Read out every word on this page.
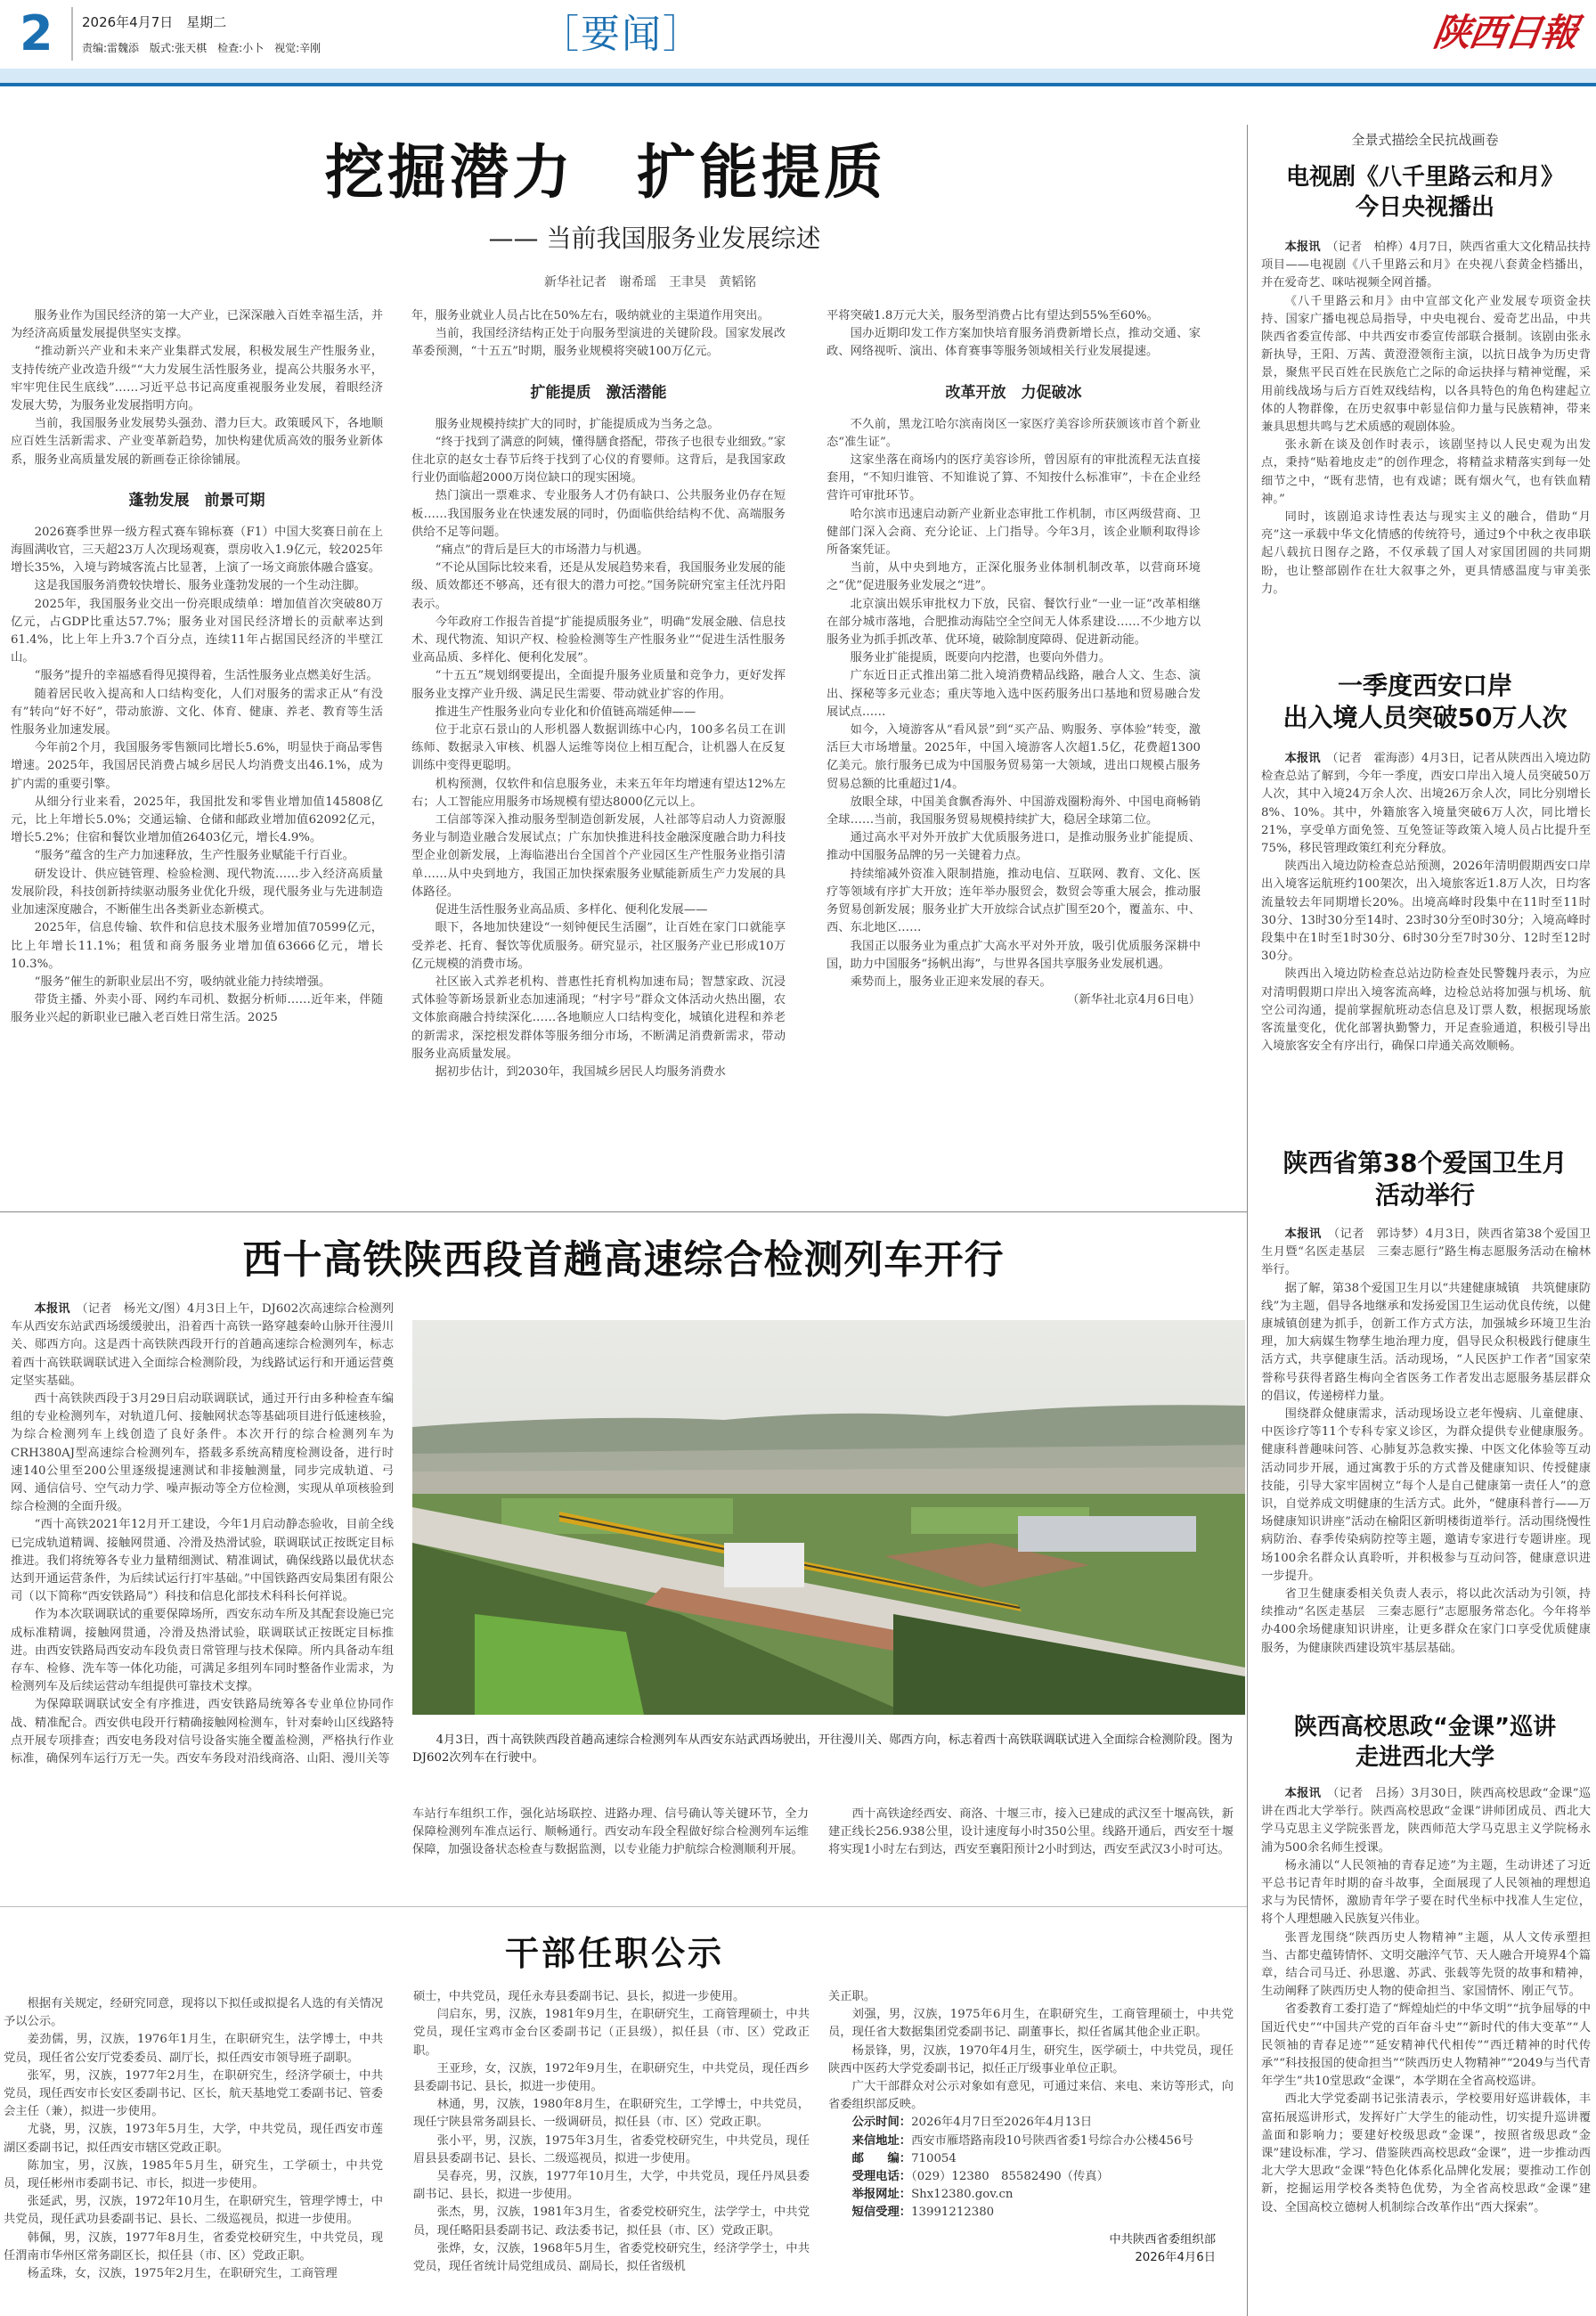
2 2026年4月7日　星期二
责编:雷魏添　版式:张天棋　检查:小卜　视觉:辛刚	［要闻］	陕西日報
挖掘潜力　扩能提质
—— 当前我国服务业发展综述
新华社记者　谢希瑶　王聿昊　黄韬铭

服务业作为国民经济的第一大产业，已深深融入百姓幸福生活，并为经济高质量发展提供坚实支撑。

“推动新兴产业和未来产业集群式发展，积极发展生产性服务业，支持传统产业改造升级”“大力发展生活性服务业，提高公共服务水平，牢牢兜住民生底线”……习近平总书记高度重视服务业发展，着眼经济发展大势，为服务业发展指明方向。

当前，我国服务业发展势头强劲、潜力巨大。政策暖风下，各地顺应百姓生活新需求、产业变革新趋势，加快构建优质高效的服务业新体系，服务业高质量发展的新画卷正徐徐铺展。

蓬勃发展　前景可期

2026赛季世界一级方程式赛车锦标赛（F1）中国大奖赛日前在上海圆满收官，三天超23万人次现场观赛，票房收入1.9亿元，较2025年增长35%，入境与跨城客流占比显著，上演了一场文商旅体融合盛宴。

这是我国服务消费较快增长、服务业蓬勃发展的一个生动注脚。

2025年，我国服务业交出一份亮眼成绩单：增加值首次突破80万亿元，占GDP比重达57.7%；服务业对国民经济增长的贡献率达到61.4%，比上年上升3.7个百分点，连续11年占据国民经济的半壁江山。

“服务”提升的幸福感看得见摸得着，生活性服务业点燃美好生活。

随着居民收入提高和人口结构变化，人们对服务的需求正从“有没有”转向“好不好”，带动旅游、文化、体育、健康、养老、教育等生活性服务业加速发展。

今年前2个月，我国服务零售额同比增长5.6%，明显快于商品零售增速。2025年，我国居民消费占城乡居民人均消费支出46.1%，成为扩内需的重要引擎。

从细分行业来看，2025年，我国批发和零售业增加值145808亿元，比上年增长5.0%；交通运输、仓储和邮政业增加值62092亿元，增长5.2%；住宿和餐饮业增加值26403亿元，增长4.9%。

“服务”蕴含的生产力加速释放，生产性服务业赋能千行百业。

研发设计、供应链管理、检验检测、现代物流……步入经济高质量发展阶段，科技创新持续驱动服务业优化升级，现代服务业与先进制造业加速深度融合，不断催生出各类新业态新模式。

2025年，信息传输、软件和信息技术服务业增加值70599亿元，比上年增长11.1%；租赁和商务服务业增加值63666亿元，增长10.3%。

“服务”催生的新职业层出不穷，吸纳就业能力持续增强。

带货主播、外卖小哥、网约车司机、数据分析师……近年来，伴随服务业兴起的新职业已融入老百姓日常生活。2025

年，服务业就业人员占比在50%左右，吸纳就业的主渠道作用突出。

当前，我国经济结构正处于向服务型演进的关键阶段。国家发展改革委预测，“十五五”时期，服务业规模将突破100万亿元。

扩能提质　激活潜能

服务业规模持续扩大的同时，扩能提质成为当务之急。

“终于找到了满意的阿姨，懂得膳食搭配，带孩子也很专业细致。”家住北京的赵女士春节后终于找到了心仪的育婴师。这背后，是我国家政行业仍面临超2000万岗位缺口的现实困境。

热门演出一票难求、专业服务人才仍有缺口、公共服务业仍存在短板……我国服务业在快速发展的同时，仍面临供给结构不优、高端服务供给不足等问题。

“痛点”的背后是巨大的市场潜力与机遇。

“不论从国际比较来看，还是从发展趋势来看，我国服务业发展的能级、质效都还不够高，还有很大的潜力可挖。”国务院研究室主任沈丹阳表示。

今年政府工作报告首提“扩能提质服务业”，明确“发展金融、信息技术、现代物流、知识产权、检验检测等生产性服务业”“促进生活性服务业高品质、多样化、便利化发展”。

“十五五”规划纲要提出，全面提升服务业质量和竞争力，更好发挥服务业支撑产业升级、满足民生需要、带动就业扩容的作用。

推进生产性服务业向专业化和价值链高端延伸——

位于北京石景山的人形机器人数据训练中心内，100多名员工在训练师、数据录入审核、机器人运维等岗位上相互配合，让机器人在反复训练中变得更聪明。

机构预测，仅软件和信息服务业，未来五年年均增速有望达12%左右；人工智能应用服务市场规模有望达8000亿元以上。

工信部等深入推动服务型制造创新发展，人社部等启动人力资源服务业与制造业融合发展试点；广东加快推进科技金融深度融合助力科技型企业创新发展，上海临港出台全国首个产业园区生产性服务业指引清单……从中央到地方，我国正加快探索服务业赋能新质生产力发展的具体路径。

促进生活性服务业高品质、多样化、便利化发展——

眼下，各地加快建设“一刻钟便民生活圈”，让百姓在家门口就能享受养老、托育、餐饮等优质服务。研究显示，社区服务产业已形成10万亿元规模的消费市场。

社区嵌入式养老机构、普惠性托育机构加速布局；智慧家政、沉浸式体验等新场景新业态加速涌现；“村字号”群众文体活动火热出圈，农文体旅商融合持续深化……各地顺应人口结构变化，城镇化进程和养老的新需求，深挖根发群体等服务细分市场，不断满足消费新需求，带动服务业高质量发展。

据初步估计，到2030年，我国城乡居民人均服务消费水

平将突破1.8万元大关，服务型消费占比有望达到55%至60%。

国办近期印发工作方案加快培育服务消费新增长点，推动交通、家政、网络视听、演出、体育赛事等服务领域相关行业发展提速。

改革开放　力促破冰

不久前，黑龙江哈尔滨南岗区一家医疗美容诊所获颁该市首个新业态“准生证”。

这家坐落在商场内的医疗美容诊所，曾因原有的审批流程无法直接套用，“不知归谁管、不知谁说了算、不知按什么标准审”，卡在企业经营许可审批环节。

哈尔滨市迅速启动新产业新业态审批工作机制，市区两级营商、卫健部门深入会商、充分论证、上门指导。今年3月，该企业顺利取得诊所备案凭证。

当前，从中央到地方，正深化服务业体制机制改革，以营商环境之“优”促进服务业发展之“进”。

北京演出娱乐审批权力下放，民宿、餐饮行业“一业一证”改革相继在部分城市落地，合肥推动海陆空全空间无人体系建设……不少地方以服务业为抓手抓改革、优环境，破除制度障碍、促进新动能。

服务业扩能提质，既要向内挖潜，也要向外借力。

广东近日正式推出第二批入境消费精品线路，融合人文、生态、演出、探秘等多元业态；重庆等地入选中医药服务出口基地和贸易融合发展试点……

如今，入境游客从“看风景”到“买产品、购服务、享体验”转变，激活巨大市场增量。2025年，中国入境游客人次超1.5亿，花费超1300亿美元。旅行服务已成为中国服务贸易第一大领域，进出口规模占服务贸易总额的比重超过1/4。

放眼全球，中国美食飘香海外、中国游戏圈粉海外、中国电商畅销全球……当前，我国服务贸易规模持续扩大，稳居全球第二位。

通过高水平对外开放扩大优质服务进口，是推动服务业扩能提质、推动中国服务品牌的另一关键着力点。

持续缩减外资准入限制措施，推动电信、互联网、教育、文化、医疗等领域有序扩大开放；连年举办服贸会，数贸会等重大展会，推动服务贸易创新发展；服务业扩大开放综合试点扩围至20个，覆盖东、中、西、东北地区……

我国正以服务业为重点扩大高水平对外开放，吸引优质服务深耕中国，助力中国服务“扬帆出海”，与世界各国共享服务业发展机遇。

乘势而上，服务业正迎来发展的春天。

（新华社北京4月6日电）

全景式描绘全民抗战画卷
电视剧《八千里路云和月》
今日央视播出

本报讯　（记者　柏桦）4月7日，陕西省重大文化精品扶持项目——电视剧《八千里路云和月》在央视八套黄金档播出，并在爱奇艺、咪咕视频全网首播。

《八千里路云和月》由中宣部文化产业发展专项资金扶持、国家广播电视总局指导，中央电视台、爱奇艺出品，中共陕西省委宣传部、中共西安市委宣传部联合摄制。该剧由张永新执导，王阳、万茜、黄澄澄领衔主演，以抗日战争为历史背景，聚焦平民百姓在民族危亡之际的命运抉择与精神觉醒，采用前线战场与后方百姓双线结构，以各具特色的角色构建起立体的人物群像，在历史叙事中彰显信仰力量与民族精神，带来兼具思想共鸣与艺术质感的观剧体验。

张永新在谈及创作时表示，该剧坚持以人民史观为出发点，秉持“贴着地皮走”的创作理念，将精益求精落实到每一处细节之中，“既有悲情，也有戏谑；既有烟火气，也有铁血精神。”

同时，该剧追求诗性表达与现实主义的融合，借助“月亮”这一承载中华文化情感的传统符号，通过9个中秋之夜串联起八载抗日图存之路，不仅承载了国人对家国团圆的共同期盼，也让整部剧作在壮大叙事之外，更具情感温度与审美张力。

一季度西安口岸
出入境人员突破50万人次

本报讯　（记者　霍海澎）4月3日，记者从陕西出入境边防检查总站了解到，今年一季度，西安口岸出入境人员突破50万人次，其中入境24万余人次、出境26万余人次，同比分别增长8%、10%。其中，外籍旅客入境量突破6万人次，同比增长21%，享受单方面免签、互免签证等政策入境人员占比提升至75%，移民管理政策红利充分释放。

陕西出入境边防检查总站预测，2026年清明假期西安口岸出入境客运航班约100架次，出入境旅客近1.8万人次，日均客流量较去年同期增长20%。出境高峰时段集中在11时至11时30分、13时30分至14时、23时30分至0时30分；入境高峰时段集中在1时至1时30分、6时30分至7时30分、12时至12时30分。

陕西出入境边防检查总站边防检查处民警魏丹表示，为应对清明假期口岸出入境客流高峰，边检总站将加强与机场、航空公司沟通，提前掌握航班动态信息及订票人数，根据现场旅客流量变化，优化部署执勤警力，开足查验通道，积极引导出入境旅客安全有序出行，确保口岸通关高效顺畅。

陕西省第38个爱国卫生月
活动举行

本报讯　（记者　郭诗梦）4月3日，陕西省第38个爱国卫生月暨“名医走基层　三秦志愿行”路生梅志愿服务活动在榆林举行。

据了解，第38个爱国卫生月以“共建健康城镇　共筑健康防线”为主题，倡导各地继承和发扬爱国卫生运动优良传统，以健康城镇创建为抓手，创新工作方式方法，加强城乡环境卫生治理，加大病媒生物孳生地治理力度，倡导民众积极践行健康生活方式，共享健康生活。活动现场，“人民医护工作者”国家荣誉称号获得者路生梅向全省医务工作者发出志愿服务基层群众的倡议，传递榜样力量。

围绕群众健康需求，活动现场设立老年慢病、儿童健康、中医诊疗等11个专科专家义诊区，为群众提供专业健康服务。健康科普趣味问答、心肺复苏急救实操、中医文化体验等互动活动同步开展，通过寓教于乐的方式普及健康知识、传授健康技能，引导大家牢固树立“每个人是自己健康第一责任人”的意识，自觉养成文明健康的生活方式。此外，“健康科普行——万场健康知识讲座”活动在榆阳区新明楼街道举行。活动围绕慢性病防治、春季传染病防控等主题，邀请专家进行专题讲座。现场100余名群众认真聆听，并积极参与互动问答，健康意识进一步提升。

省卫生健康委相关负责人表示，将以此次活动为引领，持续推动“名医走基层　三秦志愿行”志愿服务常态化。今年将举办400余场健康知识讲座，让更多群众在家门口享受优质健康服务，为健康陕西建设筑牢基层基础。

陕西高校思政“金课”巡讲
走进西北大学

本报讯　（记者　吕扬）3月30日，陕西高校思政“金课”巡讲在西北大学举行。陕西高校思政“金课”讲师团成员、西北大学马克思主义学院张晋龙，陕西师范大学马克思主义学院杨永浦为500余名师生授课。

杨永浦以“人民领袖的青春足迹”为主题，生动讲述了习近平总书记青年时期的奋斗故事，全面展现了人民领袖的理想追求与为民情怀，激励青年学子要在时代坐标中找准人生定位，将个人理想融入民族复兴伟业。

张晋龙围绕“陕西历史人物精神”主题，从人文传承塑担当、古都史蕴铸情怀、文明交融淬气节、天人融合开境界4个篇章，结合司马迁、孙思邈、苏武、张载等先贤的故事和精神，生动阐释了陕西历史人物的使命担当、家国情怀、刚正气节。

省委教育工委打造了“辉煌灿烂的中华文明”“抗争屈辱的中国近代史”“中国共产党的百年奋斗史”“新时代的伟大变革”“人民领袖的青春足迹”“延安精神代代相传”“西迁精神的时代传承”“科技报国的使命担当”“陕西历史人物精神”“2049与当代青年学生”共10堂思政“金课”，本学期在全省高校巡讲。

西北大学党委副书记张清表示，学校要用好巡讲载体，丰富拓展巡讲形式，发挥好广大学生的能动性，切实提升巡讲覆盖面和影响力；要建好校级思政“金课”，按照省级思政“金课”建设标准，学习、借鉴陕西高校思政“金课”，进一步推动西北大学大思政“金课”特色化体系化品牌化发展；要推动工作创新，挖掘运用学校各类特色优势，为全省高校思政“金课”建设、全国高校立德树人机制综合改革作出“西大探索”。

西十高铁陕西段首趟高速综合检测列车开行

本报讯　（记者　杨光文/图）4月3日上午，DJ602次高速综合检测列车从西安东站武西场缓缓驶出，沿着西十高铁一路穿越秦岭山脉开往漫川关、郧西方向。这是西十高铁陕西段开行的首趟高速综合检测列车，标志着西十高铁联调联试进入全面综合检测阶段，为线路试运行和开通运营奠定坚实基础。

西十高铁陕西段于3月29日启动联调联试，通过开行由多种检查车编组的专业检测列车，对轨道几何、接触网状态等基础项目进行低速核验，为综合检测列车上线创造了良好条件。本次开行的综合检测列车为CRH380AJ型高速综合检测列车，搭载多系统高精度检测设备，进行时速140公里至200公里逐级提速测试和非接触测量，同步完成轨道、弓网、通信信号、空气动力学、噪声振动等全方位检测，实现从单项核验到综合检测的全面升级。

“西十高铁2021年12月开工建设，今年1月启动静态验收，目前全线已完成轨道精调、接触网贯通、冷滑及热滑试验，联调联试正按既定目标推进。我们将统筹各专业力量精细测试、精准调试，确保线路以最优状态达到开通运营条件，为后续试运行打牢基础。”中国铁路西安局集团有限公司（以下简称“西安铁路局”）科技和信息化部技术科科长何祥说。

作为本次联调联试的重要保障场所，西安东动车所及其配套设施已完成标准精调，接触网贯通，冷滑及热滑试验，联调联试正按既定目标推进。由西安铁路局西安动车段负责日常管理与技术保障。所内具备动车组存车、检修、洗车等一体化功能，可满足多组列车同时整备作业需求，为检测列车及后续运营动车组提供可靠技术支撑。

为保障联调联试安全有序推进，西安铁路局统筹各专业单位协同作战、精准配合。西安供电段开行精确接触网检测车，针对秦岭山区线路特点开展专项排查；西安电务段对信号设备实施全覆盖检测，严格执行作业标准，确保列车运行万无一失。西安车务段对沿线商洛、山阳、漫川关等

4月3日，西十高铁陕西段首趟高速综合检测列车从西安东站武西场驶出，开往漫川关、郧西方向，标志着西十高铁联调联试进入全面综合检测阶段。图为DJ602次列车在行驶中。

车站行车组织工作，强化站场联控、进路办理、信号确认等关键环节，全力保障检测列车准点运行、顺畅通行。西安动车段全程做好综合检测列车运维保障，加强设备状态检查与数据监测，以专业能力护航综合检测顺利开展。

西十高铁途经西安、商洛、十堰三市，接入已建成的武汉至十堰高铁，新建正线长256.938公里，设计速度每小时350公里。线路开通后，西安至十堰将实现1小时左右到达，西安至襄阳预计2小时到达，西安至武汉3小时可达。

干部任职公示

根据有关规定，经研究同意，现将以下拟任或拟提名人选的有关情况予以公示。

姜劲儒，男，汉族，1976年1月生，在职研究生，法学博士，中共党员，现任省公安厅党委委员、副厅长，拟任西安市领导班子副职。

张军，男，汉族，1977年2月生，在职研究生，经济学硕士，中共党员，现任西安市长安区委副书记、区长，航天基地党工委副书记、管委会主任（兼），拟进一步使用。

尤骁，男，汉族，1973年5月生，大学，中共党员，现任西安市莲湖区委副书记，拟任西安市辖区党政正职。

陈加宝，男，汉族，1985年5月生，研究生，工学硕士，中共党员，现任彬州市委副书记、市长，拟进一步使用。

张延武，男，汉族，1972年10月生，在职研究生，管理学博士，中共党员，现任武功县委副书记、县长、二级巡视员，拟进一步使用。

韩佩，男，汉族，1977年8月生，省委党校研究生，中共党员，现任渭南市华州区常务副区长，拟任县（市、区）党政正职。

杨孟珠，女，汉族，1975年2月生，在职研究生，工商管理

硕士，中共党员，现任永寿县委副书记、县长，拟进一步使用。

闫启东，男，汉族，1981年9月生，在职研究生，工商管理硕士，中共党员，现任宝鸡市金台区委副书记（正县级），拟任县（市、区）党政正职。

王亚珍，女，汉族，1972年9月生，在职研究生，中共党员，现任西乡县委副书记、县长，拟进一步使用。

林通，男，汉族，1980年8月生，在职研究生，工学博士，中共党员，现任宁陕县常务副县长、一级调研员，拟任县（市、区）党政正职。

张小平，男，汉族，1975年3月生，省委党校研究生，中共党员，现任眉县县委副书记、县长、二级巡视员，拟进一步使用。

吴春亮，男，汉族，1977年10月生，大学，中共党员，现任丹凤县委副书记、县长，拟进一步使用。

张杰，男，汉族，1981年3月生，省委党校研究生，法学学士，中共党员，现任略阳县委副书记、政法委书记，拟任县（市、区）党政正职。

张烨，女，汉族，1968年5月生，省委党校研究生，经济学学士，中共党员，现任省统计局党组成员、副局长，拟任省级机

关正职。

刘强，男，汉族，1975年6月生，在职研究生，工商管理硕士，中共党员，现任省大数据集团党委副书记、副董事长，拟任省属其他企业正职。

杨景锋，男，汉族，1970年4月生，研究生，医学硕士，中共党员，现任陕西中医药大学党委副书记，拟任正厅级事业单位正职。

广大干部群众对公示对象如有意见，可通过来信、来电、来访等形式，向省委组织部反映。

公示时间：2026年4月7日至2026年4月13日

来信地址：西安市雁塔路南段10号陕西省委1号综合办公楼456号

邮　　编：710054

受理电话：（029）12380　85582490（传真）

举报网址：Shx12380.gov.cn

短信受理：13991212380

中共陕西省委组织部

2026年4月6日
